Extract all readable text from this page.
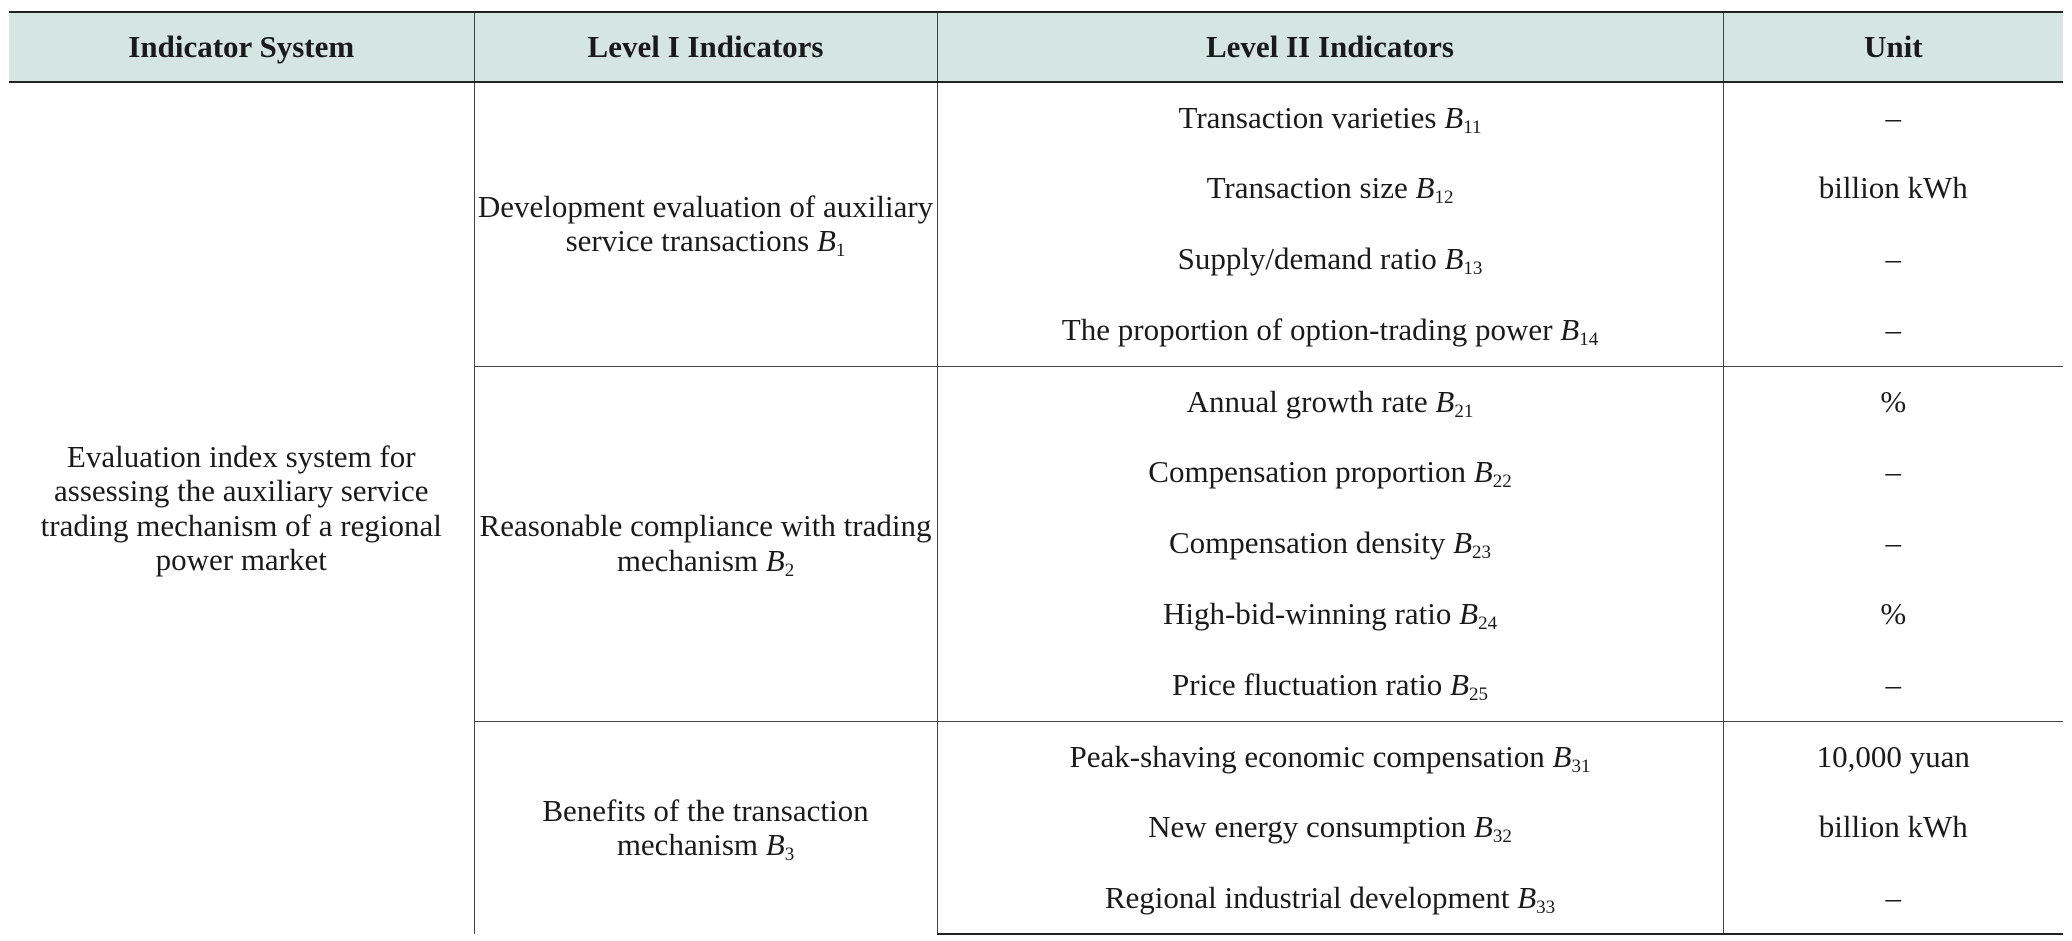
Indicator System	Level I Indicators	Level II Indicators	Unit
Evaluation index system for assessing the auxiliary service trading mechanism of a regional power market	Development evaluation of auxiliary service transactions $B_1$	Transaction varieties $B_{11}$	–
		Transaction size $B_{12}$	billion kWh
		Supply/demand ratio $B_{13}$	–
		The proportion of option-trading power $B_{14}$	–
	Reasonable compliance with trading mechanism $B_2$	Annual growth rate $B_{21}$	%
		Compensation proportion $B_{22}$	–
		Compensation density $B_{23}$	–
		High-bid-winning ratio $B_{24}$	%
		Price fluctuation ratio $B_{25}$	–
	Benefits of the transaction mechanism $B_3$	Peak-shaving economic compensation $B_{31}$	10,000 yuan
		New energy consumption $B_{32}$	billion kWh
		Regional industrial development $B_{33}$	–
